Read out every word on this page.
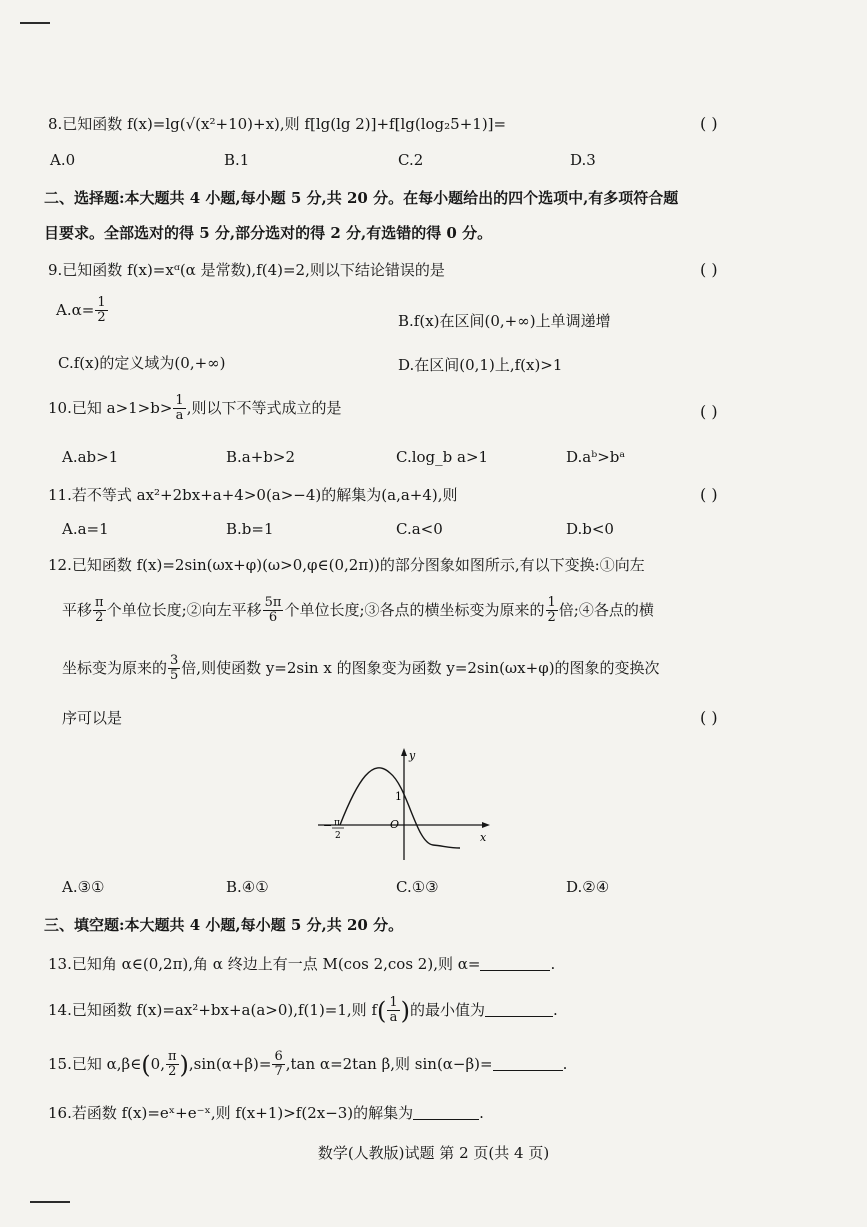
8.已知函数 f(x)=lg(√(x²+10)+x),则 f[lg(lg 2)]+f[lg(log₂5+1)]=	( )
A.0	B.1	C.2	D.3
二、选择题:本大题共 4 小题,每小题 5 分,共 20 分。在每小题给出的四个选项中,有多项符合题
目要求。全部选对的得 5 分,部分选对的得 2 分,有选错的得 0 分。
9.已知函数 f(x)=xᵅ(α 是常数),f(4)=2,则以下结论错误的是	( )
$A.\alpha= \frac{1}{2}$	B.f(x)在区间(0,+∞)上单调递增
C.f(x)的定义域为(0,+∞)	D.在区间(0,1)上,f(x)>1
10.已知 $a>1>b> \frac{1}{a}$ ,则以下不等式成立的是	( )
A.ab>1	B.a+b>2	C.log_b a>1	D.aᵇ>bᵃ
11.若不等式 ax²+2bx+a+4>0(a>−4)的解集为(a,a+4),则	( )
A.a=1	B.b=1	C.a<0	D.b<0
12.已知函数 f(x)=2sin(ωx+φ)(ω>0,φ∈(0,2π))的部分图象如图所示,有以下变换:①向左
平移 $\frac{\pi}{2}$ 个单位长度;②向左平移 $\frac{5\pi}{6}$ 个单位长度;③各点的横坐标变为原来的 $\frac{1}{2}$ 倍;④各点的横
坐标变为原来的 $\frac{3}{5}$ 倍,则使函数 y=2sin x 的图象变为函数 y=2sin(ωx+φ)的图象的变换次
序可以是	( )
y
x
O
1
− π
2
A.③①	B.④①	C.①③	D.②④
三、填空题:本大题共 4 小题,每小题 5 分,共 20 分。
13.已知角 α∈(0,2π),角 α 终边上有一点 M(cos 2,cos 2),则 α=	.
14.已知函数 f(x)=ax²+bx+a(a>0),f(1)=1,则 $f( \frac{1}{a}$ )的最小值为	.
15.已知 α,β∈(0, $\frac{\pi}{2} ),\sin(\alpha+\beta)= \frac{6}{7} ,\tan$ α=2tan β,则 sin(α−β)=	.
16.若函数 f(x)=eˣ+e⁻ˣ,则 f(x+1)>f(2x−3)的解集为	.
数学(人教版)试题 第 2 页(共 4 页)
